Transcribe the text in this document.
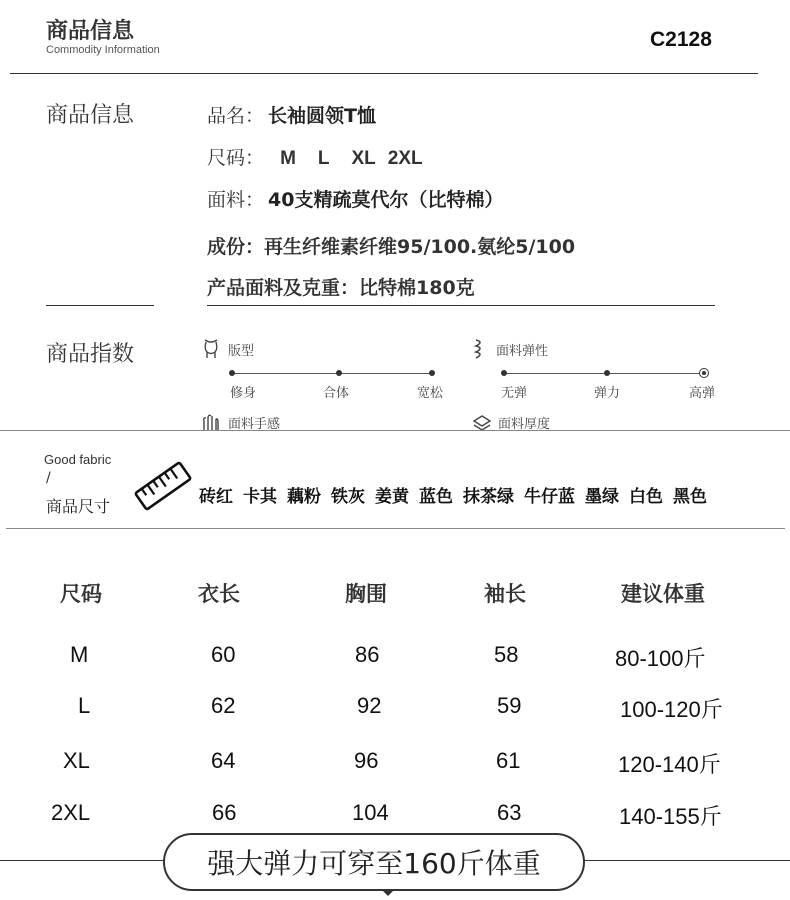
商品信息
Commodity Information	C2128
商品信息	品名： 长袖圆领T恤
尺码： M L XL 2XL
面料： 40支精疏莫代尔（比特棉）
成份：再生纤维素纤维95/100.氨纶5/100
产品面料及克重：比特棉180克
商品指数	版型
修身	合体	宽松
面料弹性
无弹	弹力	高弹
面料手感	面料厚度
Good fabric
/
商品尺寸	砖红 卡其 藕粉 铁灰 姜黄 蓝色 抹茶绿 牛仔蓝 墨绿 白色 黑色
尺码	衣长	胸围	袖长	建议体重
M	60	86	58	80-100斤
L	62	92	59	100-120斤
XL	64	96	61	120-140斤
2XL	66	104	63	140-155斤
强大弹力可穿至160斤体重
